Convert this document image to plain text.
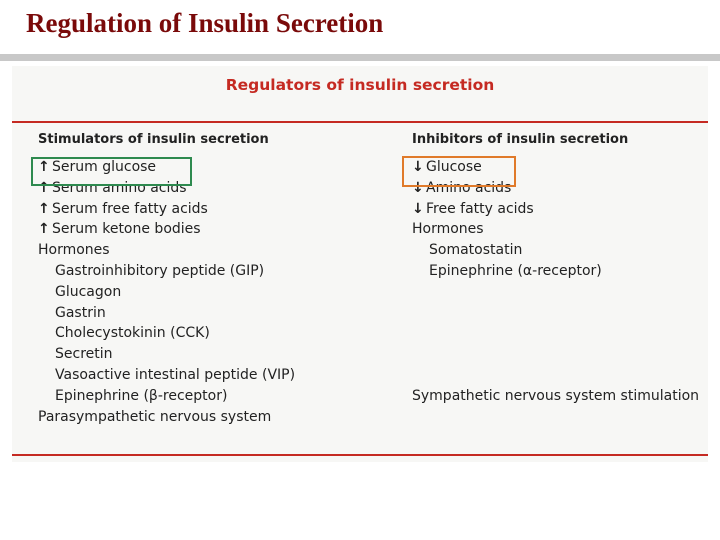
Regulation of Insulin Secretion
Regulators of insulin secretion
Stimulators of insulin secretion
↑ Serum glucose
↑ Serum amino acids
↑ Serum free fatty acids
↑ Serum ketone bodies
Hormones
Gastroinhibitory peptide (GIP)
Glucagon
Gastrin
Cholecystokinin (CCK)
Secretin
Vasoactive intestinal peptide (VIP)
Epinephrine (β-receptor)
Parasympathetic nervous system
Inhibitors of insulin secretion
↓ Glucose
↓ Amino acids
↓ Free fatty acids
Hormones
Somatostatin
Epinephrine (α-receptor)
Sympathetic nervous system stimulation
